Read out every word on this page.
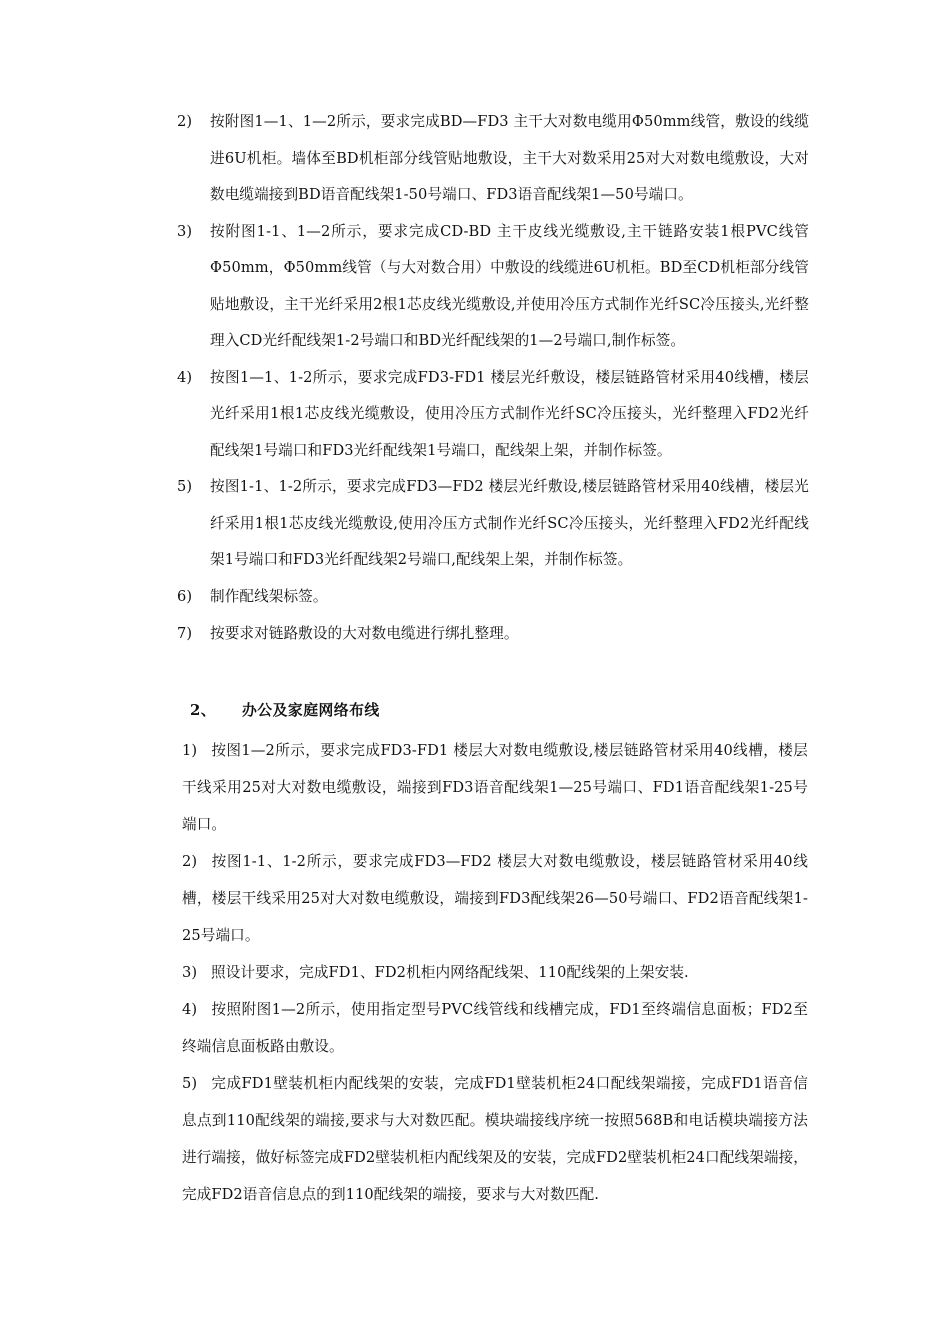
2)	按附图1—1、1—2所示，要求完成BD—FD3 主干大对数电缆用Φ50mm线管，敷设的线缆进6U机柜。墙体至BD机柜部分线管贴地敷设，主干大对数采用25对大对数电缆敷设，大对数电缆端接到BD语音配线架1-50号端口、FD3语音配线架1—50号端口。
3)	按附图1-1、1—2所示，要求完成CD-BD 主干皮线光缆敷设,主干链路安装1根PVC线管Φ50mm，Φ50mm线管（与大对数合用）中敷设的线缆进6U机柜。BD至CD机柜部分线管贴地敷设，主干光纤采用2根1芯皮线光缆敷设,并使用冷压方式制作光纤SC冷压接头,光纤整理入CD光纤配线架1-2号端口和BD光纤配线架的1—2号端口,制作标签。
4)	按图1—1、1-2所示，要求完成FD3-FD1 楼层光纤敷设，楼层链路管材采用40线槽，楼层光纤采用1根1芯皮线光缆敷设，使用冷压方式制作光纤SC冷压接头，光纤整理入FD2光纤配线架1号端口和FD3光纤配线架1号端口，配线架上架，并制作标签。
5)	按图1-1、1-2所示，要求完成FD3—FD2 楼层光纤敷设,楼层链路管材采用40线槽，楼层光纤采用1根1芯皮线光缆敷设,使用冷压方式制作光纤SC冷压接头，光纤整理入FD2光纤配线架1号端口和FD3光纤配线架2号端口,配线架上架，并制作标签。
6)	制作配线架标签。
7)	按要求对链路敷设的大对数电缆进行绑扎整理。
2、 办公及家庭网络布线
1) 按图1—2所示，要求完成FD3-FD1 楼层大对数电缆敷设,楼层链路管材采用40线槽，楼层干线采用25对大对数电缆敷设，端接到FD3语音配线架1—25号端口、FD1语音配线架1-25号端口。
2) 按图1-1、1-2所示，要求完成FD3—FD2 楼层大对数电缆敷设，楼层链路管材采用40线槽，楼层干线采用25对大对数电缆敷设，端接到FD3配线架26—50号端口、FD2语音配线架1-25号端口。
3) 照设计要求，完成FD1、FD2机柜内网络配线架、110配线架的上架安装.
4) 按照附图1—2所示，使用指定型号PVC线管线和线槽完成，FD1至终端信息面板；FD2至终端信息面板路由敷设。
5) 完成FD1壁装机柜内配线架的安装，完成FD1壁装机柜24口配线架端接，完成FD1语音信息点到110配线架的端接,要求与大对数匹配。模块端接线序统一按照568B和电话模块端接方法进行端接，做好标签完成FD2壁装机柜内配线架及的安装，完成FD2壁装机柜24口配线架端接，完成FD2语音信息点的到110配线架的端接，要求与大对数匹配.
